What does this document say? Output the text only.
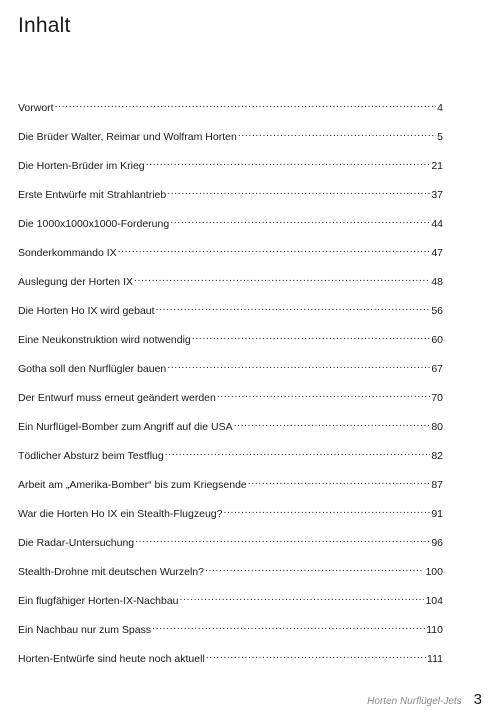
Inhalt
Vorwort .....	4
Die Brüder Walter, Reimar und Wolfram Horten .....	5
Die Horten-Brüder im Krieg .....	21
Erste Entwürfe mit Strahlantrieb .....	37
Die 1000x1000x1000-Forderung .....	44
Sonderkommando IX .....	47
Auslegung der Horten IX .....	48
Die Horten Ho IX wird gebaut .....	56
Eine Neukonstruktion wird notwendig .....	60
Gotha soll den Nurflügler bauen .....	67
Der Entwurf muss erneut geändert werden .....	70
Ein Nurflügel-Bomber zum Angriff auf die USA .....	80
Tödlicher Absturz beim Testflug .....	82
Arbeit am „Amerika-Bomber“ bis zum Kriegsende .....	87
War die Horten Ho IX ein Stealth-Flugzeug? .....	91
Die Radar-Untersuchung .....	96
Stealth-Drohne mit deutschen Wurzeln? .....	100
Ein flugfähiger Horten-IX-Nachbau .....	104
Ein Nachbau nur zum Spass .....	110
Horten-Entwürfe sind heute noch aktuell .....	111
Horten Nurflügel-Jets 3
